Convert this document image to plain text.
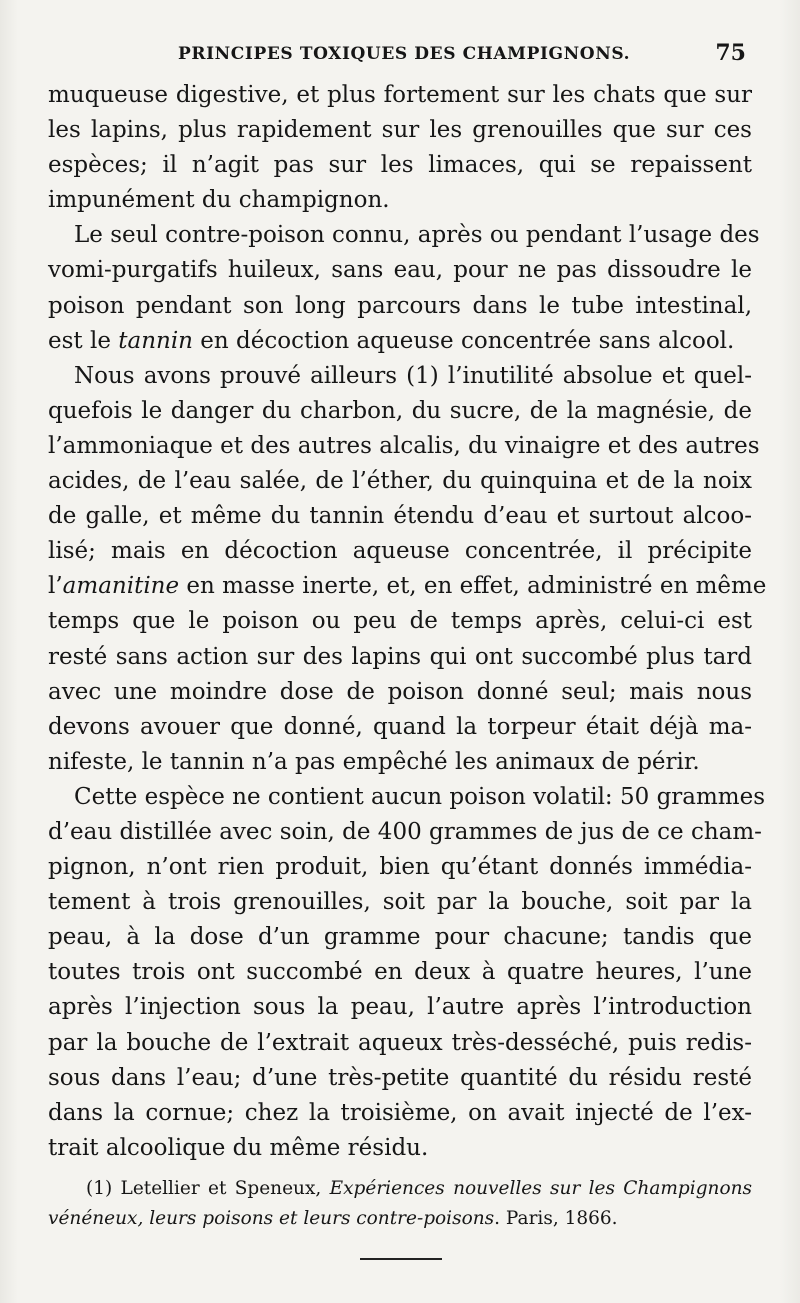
PRINCIPES TOXIQUES DES CHAMPIGNONS.	75
muqueuse digestive, et plus fortement sur les chats que sur
les lapins, plus rapidement sur les grenouilles que sur ces
espèces; il n’agit pas sur les limaces, qui se repaissent
impunément du champignon.
Le seul contre-poison connu, après ou pendant l’usage des
vomi-purgatifs huileux, sans eau, pour ne pas dissoudre le
poison pendant son long parcours dans le tube intestinal,
est le tannin en décoction aqueuse concentrée sans alcool.
Nous avons prouvé ailleurs (1) l’inutilité absolue et quel-
quefois le danger du charbon, du sucre, de la magnésie, de
l’ammoniaque et des autres alcalis, du vinaigre et des autres
acides, de l’eau salée, de l’éther, du quinquina et de la noix
de galle, et même du tannin étendu d’eau et surtout alcoo-
lisé; mais en décoction aqueuse concentrée, il précipite
l’amanitine en masse inerte, et, en effet, administré en même
temps que le poison ou peu de temps après, celui-ci est
resté sans action sur des lapins qui ont succombé plus tard
avec une moindre dose de poison donné seul; mais nous
devons avouer que donné, quand la torpeur était déjà ma-
nifeste, le tannin n’a pas empêché les animaux de périr.
Cette espèce ne contient aucun poison volatil: 50 grammes
d’eau distillée avec soin, de 400 grammes de jus de ce cham-
pignon, n’ont rien produit, bien qu’étant donnés immédia-
tement à trois grenouilles, soit par la bouche, soit par la
peau, à la dose d’un gramme pour chacune; tandis que
toutes trois ont succombé en deux à quatre heures, l’une
après l’injection sous la peau, l’autre après l’introduction
par la bouche de l’extrait aqueux très-desséché, puis redis-
sous dans l’eau; d’une très-petite quantité du résidu resté
dans la cornue; chez la troisième, on avait injecté de l’ex-
trait alcoolique du même résidu.
(1) Letellier et Speneux, Expériences nouvelles sur les Champignons
vénéneux, leurs poisons et leurs contre-poisons. Paris, 1866.
